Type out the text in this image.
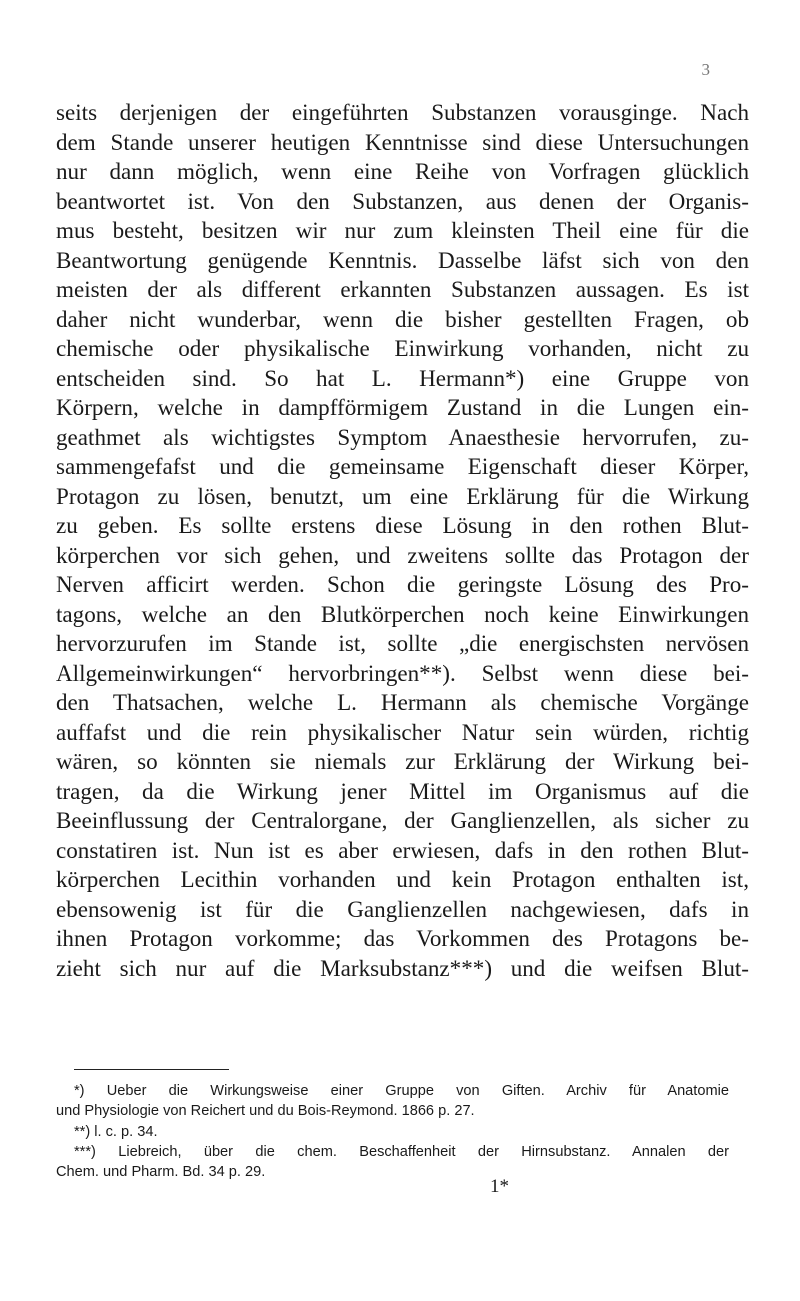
3
seits derjenigen der eingeführten Substanzen vorausginge. Nach
dem Stande unserer heutigen Kenntnisse sind diese Untersuchungen
nur dann möglich, wenn eine Reihe von Vorfragen glücklich
beantwortet ist. Von den Substanzen, aus denen der Organis-
mus besteht, besitzen wir nur zum kleinsten Theil eine für die
Beantwortung genügende Kenntnis. Dasselbe läfst sich von den
meisten der als different erkannten Substanzen aussagen. Es ist
daher nicht wunderbar, wenn die bisher gestellten Fragen, ob
chemische oder physikalische Einwirkung vorhanden, nicht zu
entscheiden sind. So hat L. Hermann*) eine Gruppe von
Körpern, welche in dampfförmigem Zustand in die Lungen ein-
geathmet als wichtigstes Symptom Anaesthesie hervorrufen, zu-
sammengefafst und die gemeinsame Eigenschaft dieser Körper,
Protagon zu lösen, benutzt, um eine Erklärung für die Wirkung
zu geben. Es sollte erstens diese Lösung in den rothen Blut-
körperchen vor sich gehen, und zweitens sollte das Protagon der
Nerven afficirt werden. Schon die geringste Lösung des Pro-
tagons, welche an den Blutkörperchen noch keine Einwirkungen
hervorzurufen im Stande ist, sollte „die energischsten nervösen
Allgemeinwirkungen“ hervorbringen**). Selbst wenn diese bei-
den Thatsachen, welche L. Hermann als chemische Vorgänge
auffafst und die rein physikalischer Natur sein würden, richtig
wären, so könnten sie niemals zur Erklärung der Wirkung bei-
tragen, da die Wirkung jener Mittel im Organismus auf die
Beeinflussung der Centralorgane, der Ganglienzellen, als sicher zu
constatiren ist. Nun ist es aber erwiesen, dafs in den rothen Blut-
körperchen Lecithin vorhanden und kein Protagon enthalten ist,
ebensowenig ist für die Ganglienzellen nachgewiesen, dafs in
ihnen Protagon vorkomme; das Vorkommen des Protagons be-
zieht sich nur auf die Marksubstanz***) und die weifsen Blut-
*) Ueber die Wirkungsweise einer Gruppe von Giften. Archiv für Anatomie
und Physiologie von Reichert und du Bois-Reymond. 1866 p. 27.
**) l. c. p. 34.
***) Liebreich, über die chem. Beschaffenheit der Hirnsubstanz. Annalen der
Chem. und Pharm. Bd. 34 p. 29.
1*
